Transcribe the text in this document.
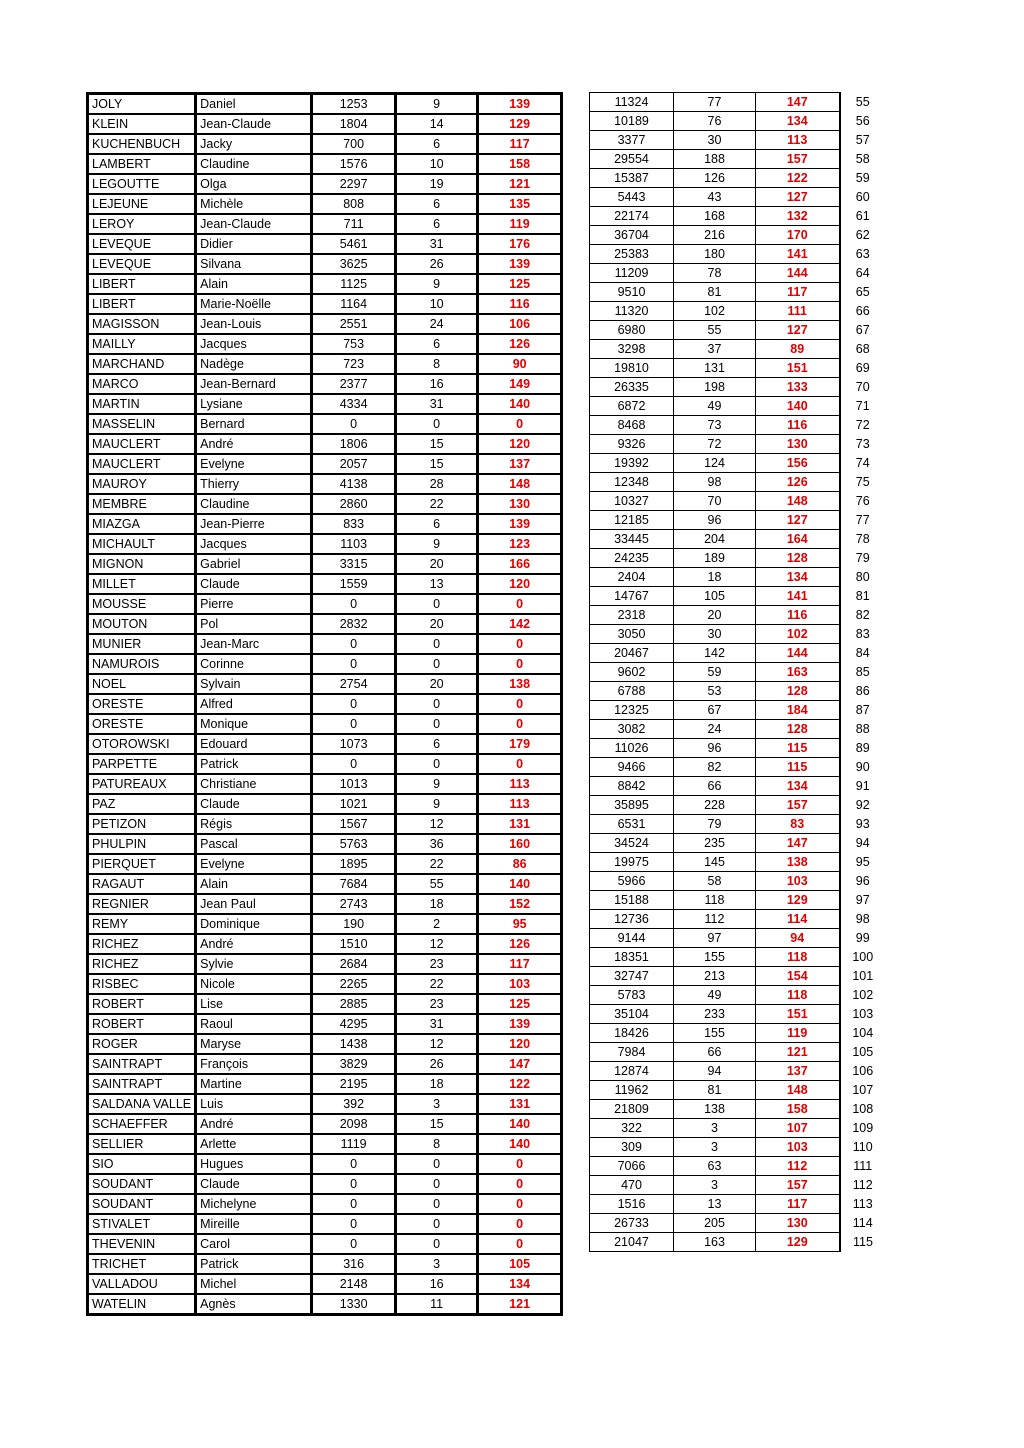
JOLY	Daniel	1253	9	139
KLEIN	Jean-Claude	1804	14	129
KUCHENBUCH	Jacky	700	6	117
LAMBERT	Claudine	1576	10	158
LEGOUTTE	Olga	2297	19	121
LEJEUNE	Michèle	808	6	135
LEROY	Jean-Claude	711	6	119
LEVEQUE	Didier	5461	31	176
LEVEQUE	Silvana	3625	26	139
LIBERT	Alain	1125	9	125
LIBERT	Marie-Noëlle	1164	10	116
MAGISSON	Jean-Louis	2551	24	106
MAILLY	Jacques	753	6	126
MARCHAND	Nadège	723	8	90
MARCO	Jean-Bernard	2377	16	149
MARTIN	Lysiane	4334	31	140
MASSELIN	Bernard	0	0	0
MAUCLERT	André	1806	15	120
MAUCLERT	Evelyne	2057	15	137
MAUROY	Thierry	4138	28	148
MEMBRE	Claudine	2860	22	130
MIAZGA	Jean-Pierre	833	6	139
MICHAULT	Jacques	1103	9	123
MIGNON	Gabriel	3315	20	166
MILLET	Claude	1559	13	120
MOUSSE	Pierre	0	0	0
MOUTON	Pol	2832	20	142
MUNIER	Jean-Marc	0	0	0
NAMUROIS	Corinne	0	0	0
NOEL	Sylvain	2754	20	138
ORESTE	Alfred	0	0	0
ORESTE	Monique	0	0	0
OTOROWSKI	Edouard	1073	6	179
PARPETTE	Patrick	0	0	0
PATUREAUX	Christiane	1013	9	113
PAZ	Claude	1021	9	113
PETIZON	Régis	1567	12	131
PHULPIN	Pascal	5763	36	160
PIERQUET	Evelyne	1895	22	86
RAGAUT	Alain	7684	55	140
REGNIER	Jean Paul	2743	18	152
REMY	Dominique	190	2	95
RICHEZ	André	1510	12	126
RICHEZ	Sylvie	2684	23	117
RISBEC	Nicole	2265	22	103
ROBERT	Lise	2885	23	125
ROBERT	Raoul	4295	31	139
ROGER	Maryse	1438	12	120
SAINTRAPT	François	3829	26	147
SAINTRAPT	Martine	2195	18	122
SALDANA VALLE	Luis	392	3	131
SCHAEFFER	André	2098	15	140
SELLIER	Arlette	1119	8	140
SIO	Hugues	0	0	0
SOUDANT	Claude	0	0	0
SOUDANT	Michelyne	0	0	0
STIVALET	Mireille	0	0	0
THEVENIN	Carol	0	0	0
TRICHET	Patrick	316	3	105
VALLADOU	Michel	2148	16	134
WATELIN	Agnès	1330	11	121
11324	77	147	55
10189	76	134	56
3377	30	113	57
29554	188	157	58
15387	126	122	59
5443	43	127	60
22174	168	132	61
36704	216	170	62
25383	180	141	63
11209	78	144	64
9510	81	117	65
11320	102	111	66
6980	55	127	67
3298	37	89	68
19810	131	151	69
26335	198	133	70
6872	49	140	71
8468	73	116	72
9326	72	130	73
19392	124	156	74
12348	98	126	75
10327	70	148	76
12185	96	127	77
33445	204	164	78
24235	189	128	79
2404	18	134	80
14767	105	141	81
2318	20	116	82
3050	30	102	83
20467	142	144	84
9602	59	163	85
6788	53	128	86
12325	67	184	87
3082	24	128	88
11026	96	115	89
9466	82	115	90
8842	66	134	91
35895	228	157	92
6531	79	83	93
34524	235	147	94
19975	145	138	95
5966	58	103	96
15188	118	129	97
12736	112	114	98
9144	97	94	99
18351	155	118	100
32747	213	154	101
5783	49	118	102
35104	233	151	103
18426	155	119	104
7984	66	121	105
12874	94	137	106
11962	81	148	107
21809	138	158	108
322	3	107	109
309	3	103	110
7066	63	112	111
470	3	157	112
1516	13	117	113
26733	205	130	114
21047	163	129	115
